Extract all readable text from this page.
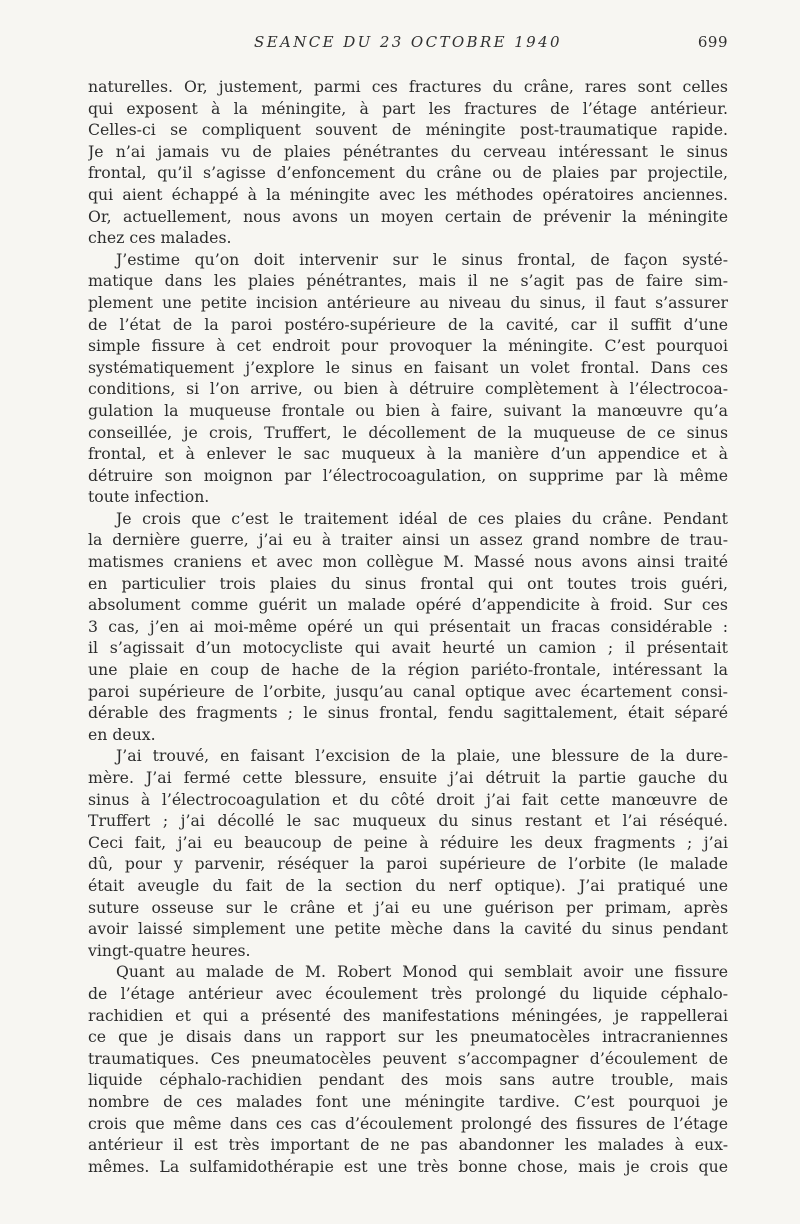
SEANCE DU 23 OCTOBRE 1940	699
naturelles. Or, justement, parmi ces fractures du crâne, rares sont celles
qui exposent à la méningite, à part les fractures de l’étage antérieur.
Celles-ci se compliquent souvent de méningite post-traumatique rapide.
Je n’ai jamais vu de plaies pénétrantes du cerveau intéressant le sinus
frontal, qu’il s’agisse d’enfoncement du crâne ou de plaies par projectile,
qui aient échappé à la méningite avec les méthodes opératoires anciennes.
Or, actuellement, nous avons un moyen certain de prévenir la méningite
chez ces malades.
J’estime qu’on doit intervenir sur le sinus frontal, de façon systé-
matique dans les plaies pénétrantes, mais il ne s’agit pas de faire sim-
plement une petite incision antérieure au niveau du sinus, il faut s’assurer
de l’état de la paroi postéro-supérieure de la cavité, car il suffit d’une
simple fissure à cet endroit pour provoquer la méningite. C’est pourquoi
systématiquement j’explore le sinus en faisant un volet frontal. Dans ces
conditions, si l’on arrive, ou bien à détruire complètement à l’électrocoa-
gulation la muqueuse frontale ou bien à faire, suivant la manœuvre qu’a
conseillée, je crois, Truffert, le décollement de la muqueuse de ce sinus
frontal, et à enlever le sac muqueux à la manière d’un appendice et à
détruire son moignon par l’électrocoagulation, on supprime par là même
toute infection.
Je crois que c’est le traitement idéal de ces plaies du crâne. Pendant
la dernière guerre, j’ai eu à traiter ainsi un assez grand nombre de trau-
matismes craniens et avec mon collègue M. Massé nous avons ainsi traité
en particulier trois plaies du sinus frontal qui ont toutes trois guéri,
absolument comme guérit un malade opéré d’appendicite à froid. Sur ces
3 cas, j’en ai moi-même opéré un qui présentait un fracas considérable :
il s’agissait d’un motocycliste qui avait heurté un camion ; il présentait
une plaie en coup de hache de la région pariéto-frontale, intéressant la
paroi supérieure de l’orbite, jusqu’au canal optique avec écartement consi-
dérable des fragments ; le sinus frontal, fendu sagittalement, était séparé
en deux.
J’ai trouvé, en faisant l’excision de la plaie, une blessure de la dure-
mère. J’ai fermé cette blessure, ensuite j’ai détruit la partie gauche du
sinus à l’électrocoagulation et du côté droit j’ai fait cette manœuvre de
Truffert ; j’ai décollé le sac muqueux du sinus restant et l’ai réséqué.
Ceci fait, j’ai eu beaucoup de peine à réduire les deux fragments ; j’ai
dû, pour y parvenir, réséquer la paroi supérieure de l’orbite (le malade
était aveugle du fait de la section du nerf optique). J’ai pratiqué une
suture osseuse sur le crâne et j’ai eu une guérison per primam, après
avoir laissé simplement une petite mèche dans la cavité du sinus pendant
vingt-quatre heures.
Quant au malade de M. Robert Monod qui semblait avoir une fissure
de l’étage antérieur avec écoulement très prolongé du liquide céphalo-
rachidien et qui a présenté des manifestations méningées, je rappellerai
ce que je disais dans un rapport sur les pneumatocèles intracraniennes
traumatiques. Ces pneumatocèles peuvent s’accompagner d’écoulement de
liquide céphalo-rachidien pendant des mois sans autre trouble, mais
nombre de ces malades font une méningite tardive. C’est pourquoi je
crois que même dans ces cas d’écoulement prolongé des fissures de l’étage
antérieur il est très important de ne pas abandonner les malades à eux-
mêmes. La sulfamidothérapie est une très bonne chose, mais je crois que
